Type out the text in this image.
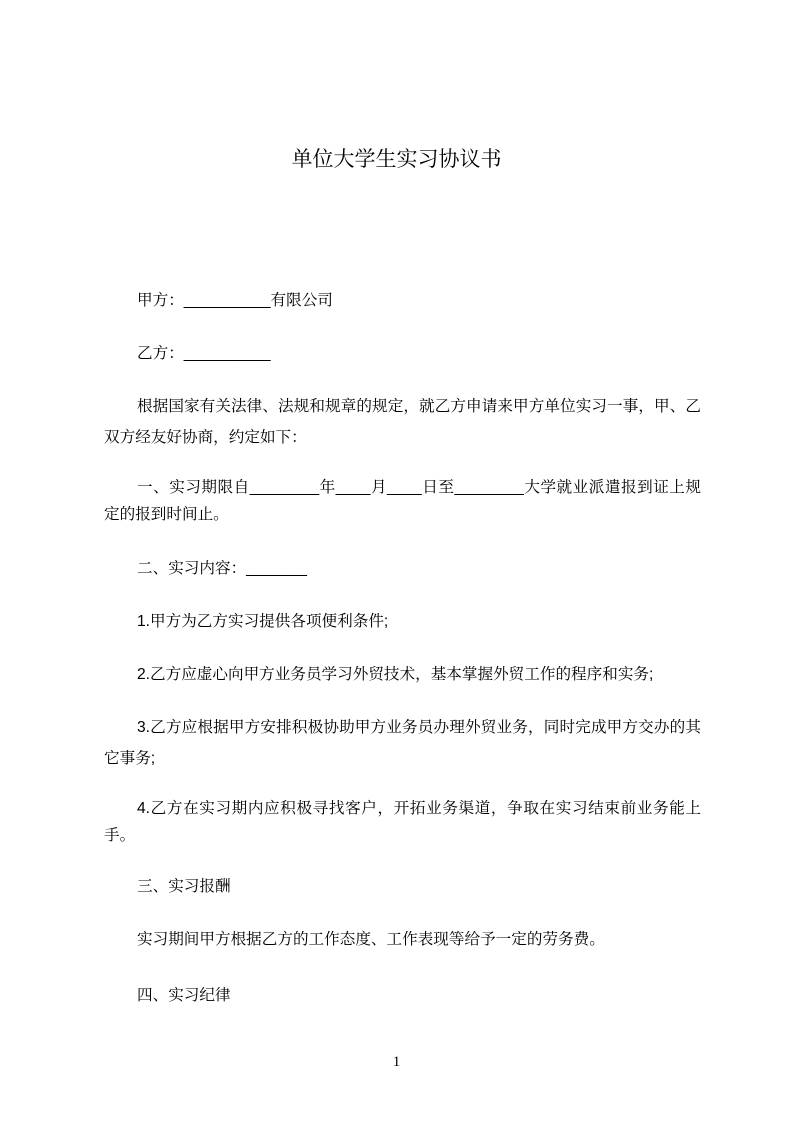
单位大学生实习协议书
甲方：__________有限公司
乙方：__________
根据国家有关法律、法规和规章的规定，就乙方申请来甲方单位实习一事，甲、乙双方经友好协商，约定如下：
一、实习期限自________年____月____日至________大学就业派遣报到证上规定的报到时间止。
二、实习内容：_______
1.甲方为乙方实习提供各项便利条件;
2.乙方应虚心向甲方业务员学习外贸技术，基本掌握外贸工作的程序和实务;
3.乙方应根据甲方安排积极协助甲方业务员办理外贸业务，同时完成甲方交办的其它事务;
4.乙方在实习期内应积极寻找客户，开拓业务渠道，争取在实习结束前业务能上手。
三、实习报酬
实习期间甲方根据乙方的工作态度、工作表现等给予一定的劳务费。
四、实习纪律
1
